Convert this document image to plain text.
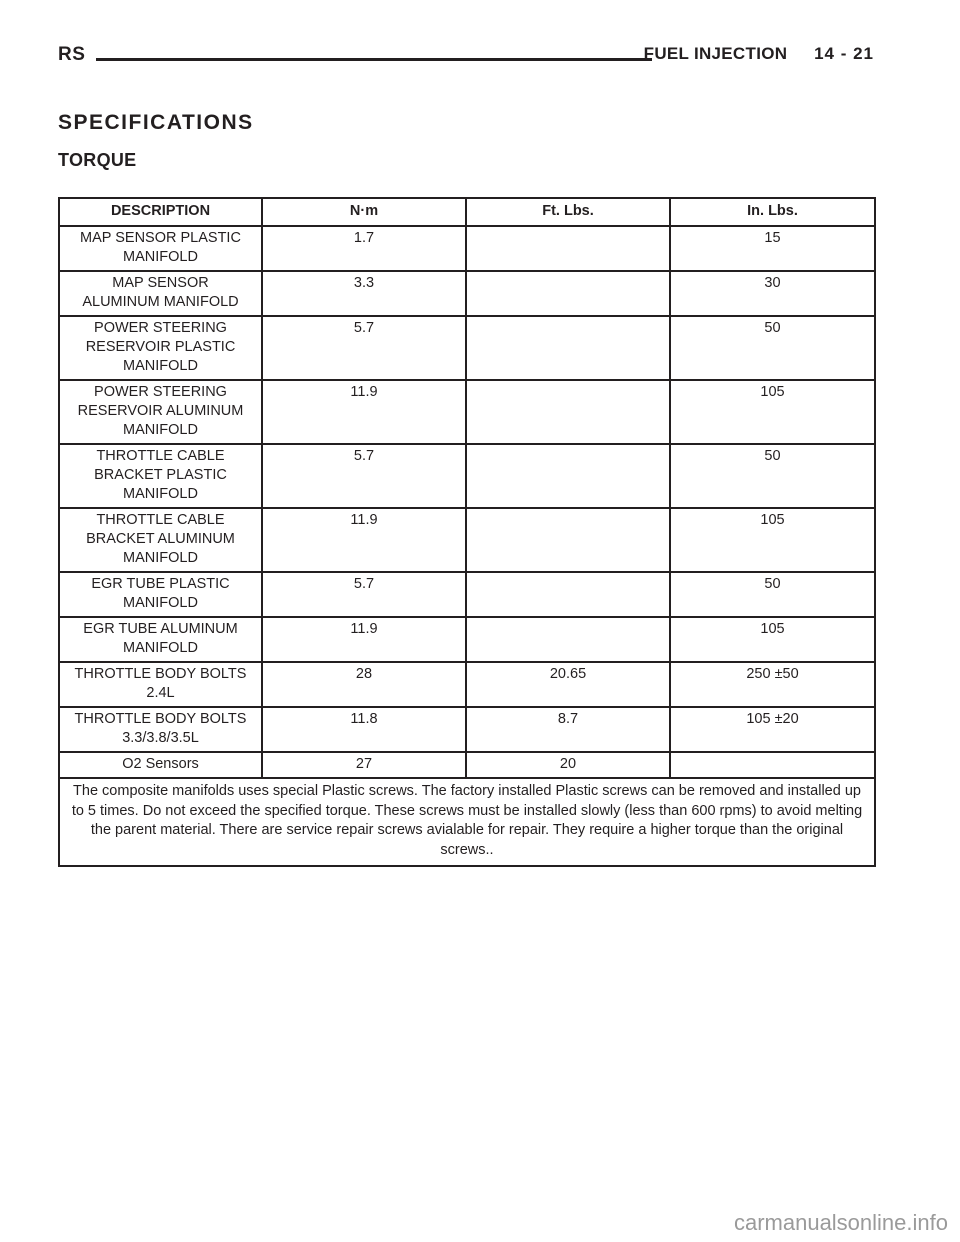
RS	FUEL INJECTION 14 - 21
SPECIFICATIONS
TORQUE
DESCRIPTION	N·m	Ft. Lbs.	In. Lbs.
MAP SENSOR PLASTIC
MANIFOLD	1.7		15
MAP SENSOR
ALUMINUM MANIFOLD	3.3		30
POWER STEERING
RESERVOIR PLASTIC
MANIFOLD	5.7		50
POWER STEERING
RESERVOIR ALUMINUM
MANIFOLD	11.9		105
THROTTLE CABLE
BRACKET PLASTIC
MANIFOLD	5.7		50
THROTTLE CABLE
BRACKET ALUMINUM
MANIFOLD	11.9		105
EGR TUBE PLASTIC
MANIFOLD	5.7		50
EGR TUBE ALUMINUM
MANIFOLD	11.9		105
THROTTLE BODY BOLTS
2.4L	28	20.65	250 ±50
THROTTLE BODY BOLTS
3.3/3.8/3.5L	11.8	8.7	105 ±20
O2 Sensors	27	20	
The composite manifolds uses special Plastic screws. The factory installed Plastic screws can be removed and installed up to 5 times. Do not exceed the specified torque. These screws must be installed slowly (less than 600 rpms) to avoid melting the parent material. There are service repair screws avialable for repair. They require a higher torque than the original screws..			
carmanualsonline.info
